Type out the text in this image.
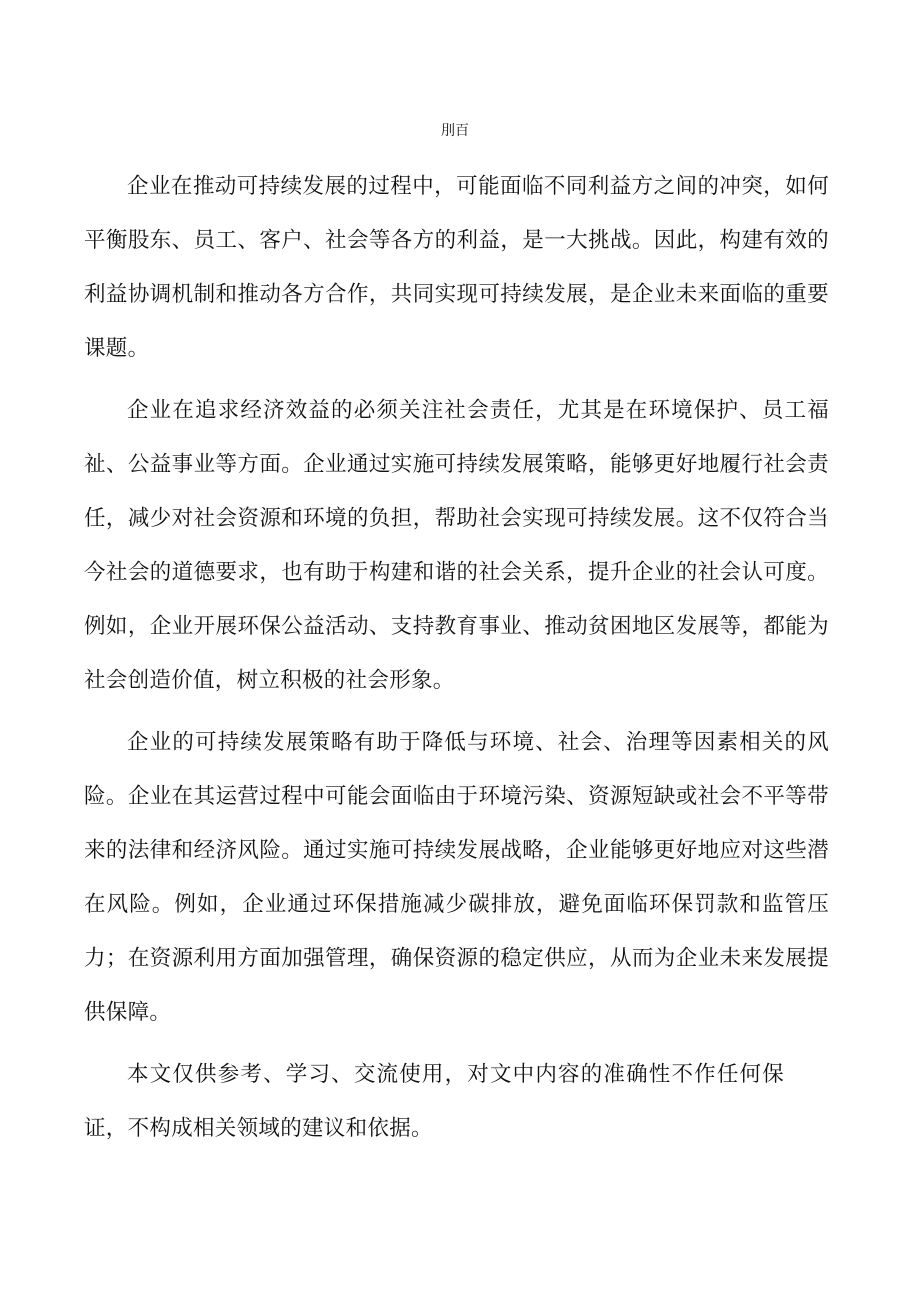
刖百

企业在推动可持续发展的过程中，可能面临不同利益方之间的冲突，如何平衡股东、员工、客户、社会等各方的利益，是一大挑战。因此，构建有效的利益协调机制和推动各方合作，共同实现可持续发展，是企业未来面临的重要课题。

企业在追求经济效益的必须关注社会责任，尤其是在环境保护、员工福祉、公益事业等方面。企业通过实施可持续发展策略，能够更好地履行社会责任，减少对社会资源和环境的负担，帮助社会实现可持续发展。这不仅符合当今社会的道德要求，也有助于构建和谐的社会关系，提升企业的社会认可度。例如，企业开展环保公益活动、支持教育事业、推动贫困地区发展等，都能为社会创造价值，树立积极的社会形象。

企业的可持续发展策略有助于降低与环境、社会、治理等因素相关的风险。企业在其运营过程中可能会面临由于环境污染、资源短缺或社会不平等带来的法律和经济风险。通过实施可持续发展战略，企业能够更好地应对这些潜在风险。例如，企业通过环保措施减少碳排放，避免面临环保罚款和监管压力；在资源利用方面加强管理，确保资源的稳定供应，从而为企业未来发展提供保障。

本文仅供参考、学习、交流使用，对文中内容的准确性不作任何保证，不构成相关领域的建议和依据。
